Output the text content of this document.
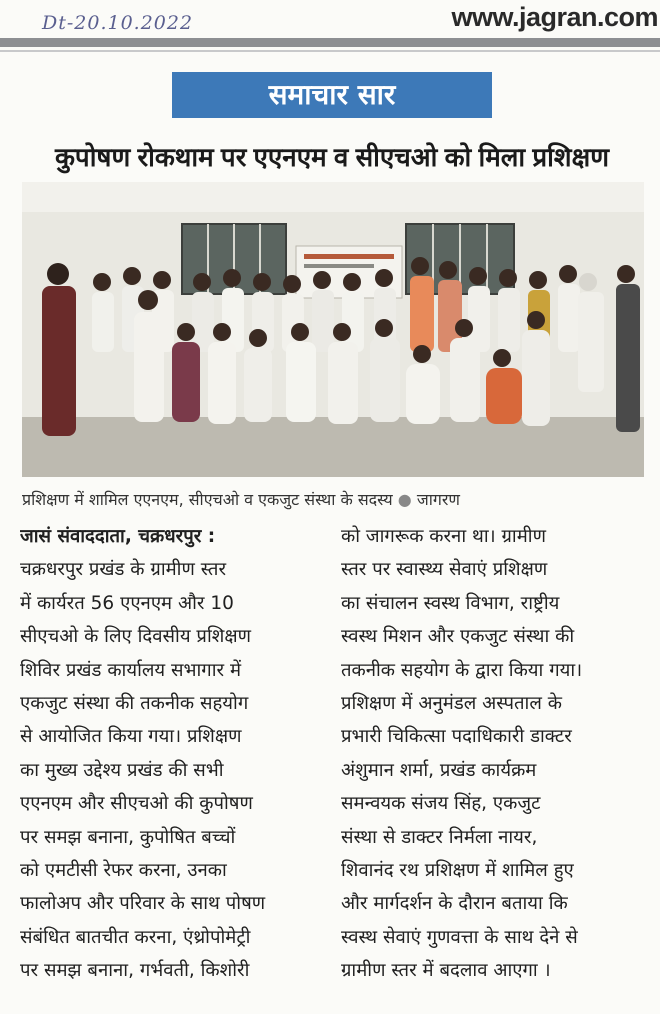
Dt-20.10.2022	www.jagran.com
समाचार सार
कुपोषण रोकथाम पर एएनएम व सीएचओ को मिला प्रशिक्षण
प्रशिक्षण में शामिल एएनएम, सीएचओ व एकजुट संस्था के सदस्य ● जागरण
जासं संवाददाता, चक्रधरपुर :
चक्रधरपुर प्रखंड के ग्रामीण स्तर
में कार्यरत 56 एएनएम और 10
सीएचओ के लिए दिवसीय प्रशिक्षण
शिविर प्रखंड कार्यालय सभागार में
एकजुट संस्था की तकनीक सहयोग
से आयोजित किया गया। प्रशिक्षण
का मुख्य उद्देश्य प्रखंड की सभी
एएनएम और सीएचओ की कुपोषण
पर समझ बनाना, कुपोषित बच्चों
को एमटीसी रेफर करना, उनका
फालोअप और परिवार के साथ पोषण
संबंधित बातचीत करना, एंथ्रोपोमेट्री
पर समझ बनाना, गर्भवती, किशोरी
को जागरूक करना था। ग्रामीण
स्तर पर स्वास्थ्य सेवाएं प्रशिक्षण
का संचालन स्वस्थ विभाग, राष्ट्रीय
स्वस्थ मिशन और एकजुट संस्था की
तकनीक सहयोग के द्वारा किया गया।
प्रशिक्षण में अनुमंडल अस्पताल के
प्रभारी चिकित्सा पदाधिकारी डाक्टर
अंशुमान शर्मा, प्रखंड कार्यक्रम
समन्वयक संजय सिंह, एकजुट
संस्था से डाक्टर निर्मला नायर,
शिवानंद रथ प्रशिक्षण में शामिल हुए
और मार्गदर्शन के दौरान बताया कि
स्वस्थ सेवाएं गुणवत्ता के साथ देने से
ग्रामीण स्तर में बदलाव आएगा ।
